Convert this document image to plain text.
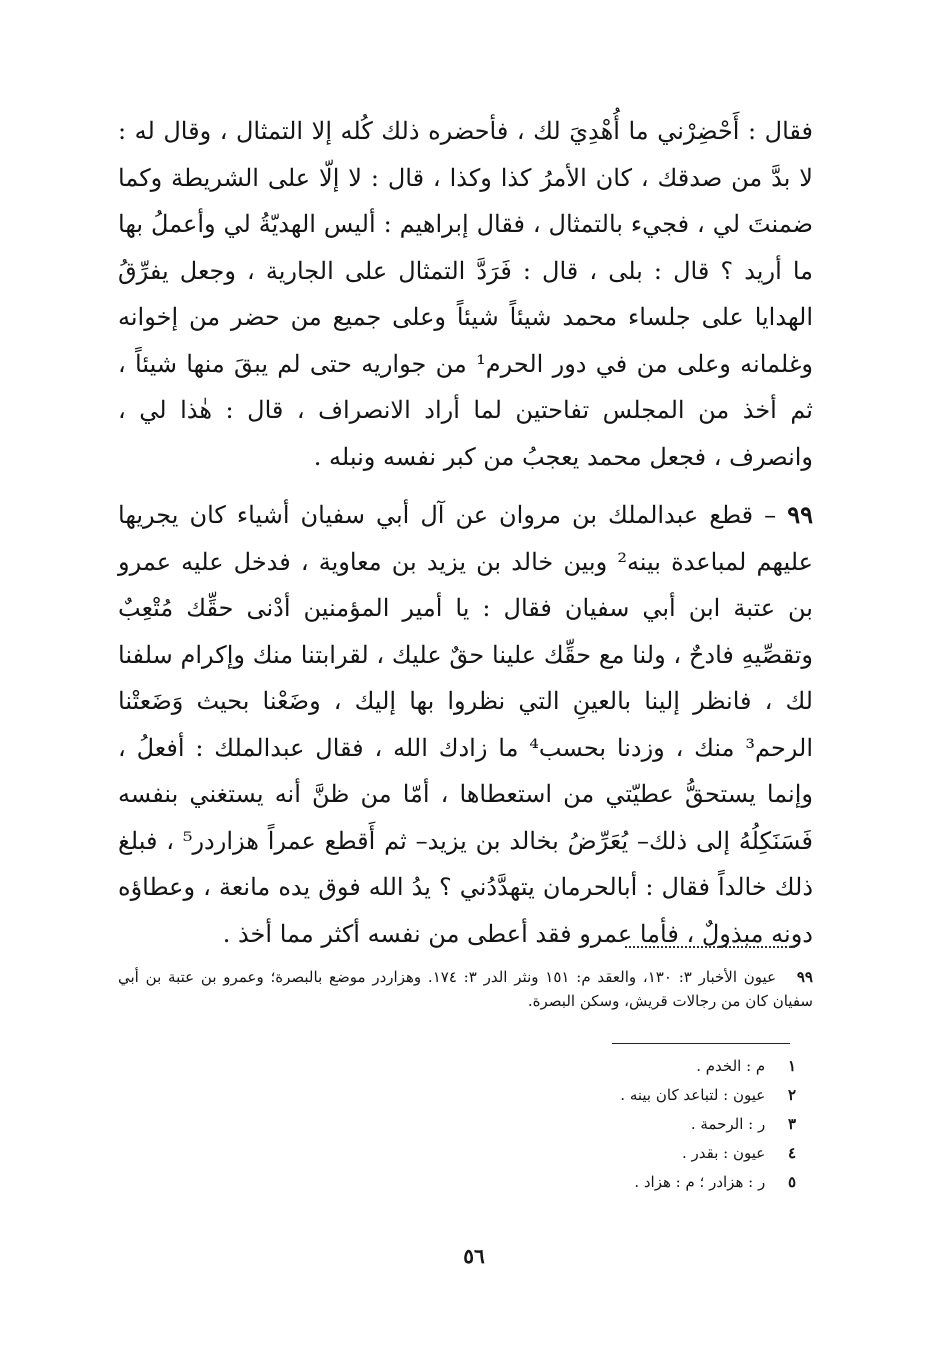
فقال : أَحْضِرْني ما أُهْدِيَ لك ، فأحضره ذلك كُله إلا التمثال ، وقال له : لا بدَّ من صدقك ، كان الأمرُ كذا وكذا ، قال : لا إلّا على الشريطة وكما ضمنتَ لي ، فجيء بالتمثال ، فقال إبراهيم : أليس الهديّةُ لي وأعملُ بها ما أريد ؟ قال : بلى ، قال : فَرَدَّ التمثال على الجارية ، وجعل يفرِّقُ الهدايا على جلساء محمد شيئاً شيئاً وعلى جميع من حضر من إخوانه وغلمانه وعلى من في دور الحرم¹ من جواريه حتى لم يبقَ منها شيئاً ، ثم أخذ من المجلس تفاحتين لما أراد الانصراف ، قال : هٰذا لي ، وانصرف ، فجعل محمد يعجبُ من كبر نفسه ونبله .

٩٩ – قطع عبدالملك بن مروان عن آل أبي سفيان أشياء كان يجريها عليهم لمباعدة بينه² وبين خالد بن يزيد بن معاوية ، فدخل عليه عمرو بن عتبة ابن أبي سفيان فقال : يا أمير المؤمنين أدْنى حقِّك مُتْعِبٌ وتقصِّيهِ فادحٌ ، ولنا مع حقِّك علينا حقٌ عليك ، لقرابتنا منك وإكرام سلفنا لك ، فانظر إلينا بالعينِ التي نظروا بها إليك ، وضَعْنا بحيث وَضَعتْنا الرحم³ منك ، وزدنا بحسب⁴ ما زادك الله ، فقال عبدالملك : أفعلُ ، وإنما يستحقُّ عطيّتي من استعطاها ، أمّا من ظنَّ أنه يستغني بنفسه فَسَنَكِلُهُ إلى ذلك– يُعَرِّضُ بخالد بن يزيد– ثم أَقطع عمراً هزاردر⁵ ، فبلغ ذلك خالداً فقال : أبالحرمان يتهدَّدُني ؟ يدُ الله فوق يده مانعة ، وعطاؤه دونه مبذولٌ ، فأما عمرو فقد أعطى من نفسه أكثر مما أخذ .

٩٩ عيون الأخبار ٣: ١٣٠، والعقد م: ١٥١ ونثر الدر ٣: ١٧٤. وهزاردر موضع بالبصرة؛ وعمرو بن عتبة بن أبي سفيان كان من رجالات قريش، وسكن البصرة.

١ م : الخدم .
٢ عيون : لتباعد كان بينه .
٣ ر : الرحمة .
٤ عيون : بقدر .
٥ ر : هزادر ؛ م : هزاد .
٥٦
